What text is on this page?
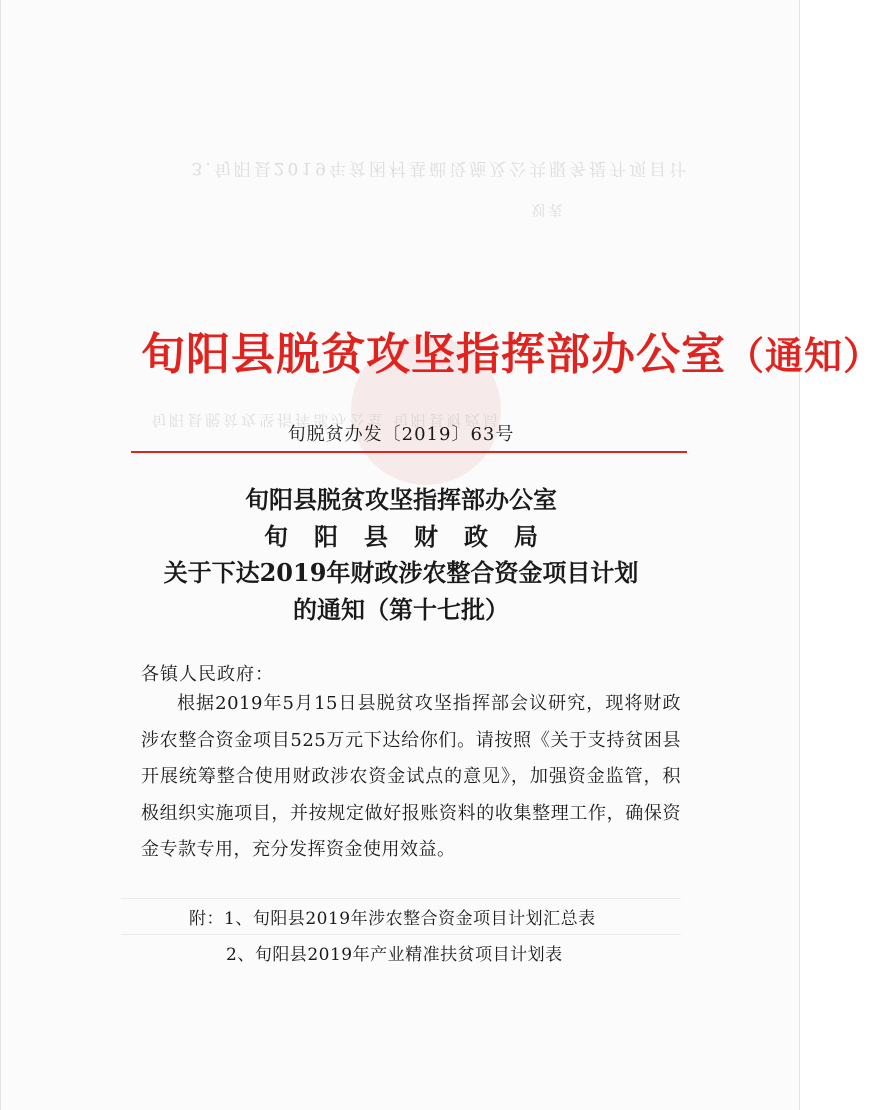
3.旬阳县2019年贫困村基础设施及公共服务提升项目计
划表
旬阳县脱贫攻坚指挥部办公室 旬阳县财政局
旬阳县脱贫攻坚指挥部办公室（通知）
旬脱贫办发〔2019〕63号
旬阳县脱贫攻坚指挥部办公室
旬阳县财政局
关于下达2019年财政涉农整合资金项目计划
的通知（第十七批）
各镇人民政府：
根据2019年5月15日县脱贫攻坚指挥部会议研究，现将财政涉农整合资金项目525万元下达给你们。请按照《关于支持贫困县开展统筹整合使用财政涉农资金试点的意见》，加强资金监管，积极组织实施项目，并按规定做好报账资料的收集整理工作，确保资金专款专用，充分发挥资金使用效益。
附：1、旬阳县2019年涉农整合资金项目计划汇总表
2、旬阳县2019年产业精准扶贫项目计划表
